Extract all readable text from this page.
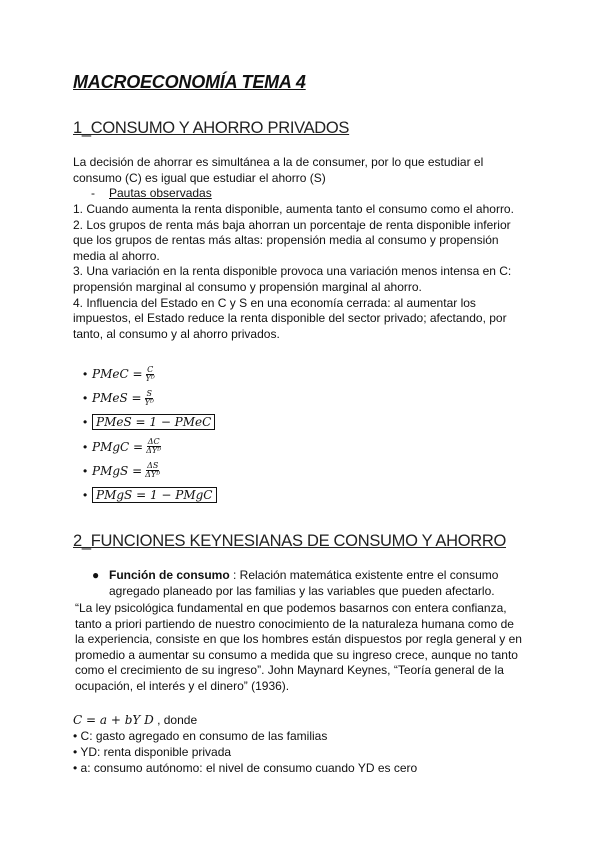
MACROECONOMÍA TEMA 4
1_CONSUMO Y AHORRO PRIVADOS
La decisión de ahorrar es simultánea a la de consumer, por lo que estudiar el
consumo (C) es igual que estudiar el ahorro (S)
- Pautas observadas
1. Cuando aumenta la renta disponible, aumenta tanto el consumo como el ahorro.
2. Los grupos de renta más baja ahorran un porcentaje de renta disponible inferior
que los grupos de rentas más altas: propensión media al consumo y propensión
media al ahorro.
3. Una variación en la renta disponible provoca una variación menos intensa en C:
propensión marginal al consumo y propensión marginal al ahorro.
4. Influencia del Estado en C y S en una economía cerrada: al aumentar los
impuestos, el Estado reduce la renta disponible del sector privado; afectando, por
tanto, al consumo y al ahorro privados.
• PMeC = $\frac{C}{\text{Yᴰ}}$
• PMeS = $\frac{S}{\text{Yᴰ}}$
• PMeS = 1 − PMeC
• PMgC = $\frac{\Delta C}{\text{ΔYᴰ}}$
• PMgS = $\frac{\Delta S}{\text{ΔYᴰ}}$
• PMgS = 1 − PMgC
2_FUNCIONES KEYNESIANAS DE CONSUMO Y AHORRO
● Función de consumo : Relación matemática existente entre el consumo
agregado planeado por las familias y las variables que pueden afectarlo.
“La ley psicológica fundamental en que podemos basarnos con entera confianza,
tanto a priori partiendo de nuestro conocimiento de la naturaleza humana como de
la experiencia, consiste en que los hombres están dispuestos por regla general y en
promedio a aumentar su consumo a medida que su ingreso crece, aunque no tanto
como el crecimiento de su ingreso”. John Maynard Keynes, “Teoría general de la
ocupación, el interés y el dinero” (1936).
C = a + bY D , donde
• C: gasto agregado en consumo de las familias
• YD: renta disponible privada
• a: consumo autónomo: el nivel de consumo cuando YD es cero
